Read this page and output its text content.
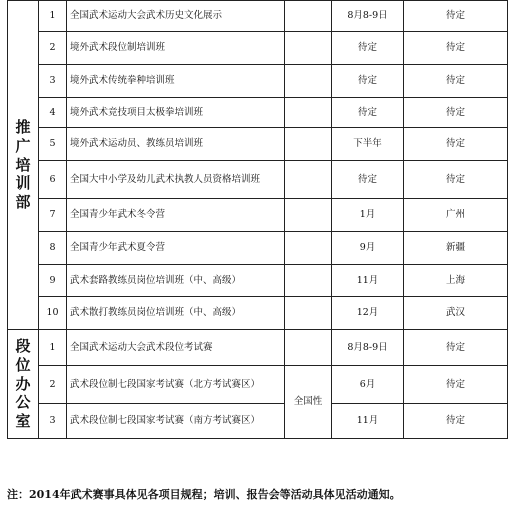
推
广
培
训
部	1	全国武术运动大会武术历史文化展示		8月8-9日	待定
	2	境外武术段位制培训班		待定	待定
	3	境外武术传统拳种培训班		待定	待定
	4	境外武术竞技项目太极拳培训班		待定	待定
	5	境外武术运动员、教练员培训班		下半年	待定
	6	全国大中小学及幼儿武术执教人员资格培训班		待定	待定
	7	全国青少年武术冬令营		1月	广州
	8	全国青少年武术夏令营		9月	新疆
	9	武术套路教练员岗位培训班（中、高级）		11月	上海
	10	武术散打教练员岗位培训班（中、高级）		12月	武汉
段
位
办
公
室	1	全国武术运动大会武术段位考试赛		8月8-9日	待定
	2	武术段位制七段国家考试赛（北方考试赛区）	全国性	6月	待定
	3	武术段位制七段国家考试赛（南方考试赛区）		11月	待定
注：2014年武术赛事具体见各项目规程；培训、报告会等活动具体见活动通知。
